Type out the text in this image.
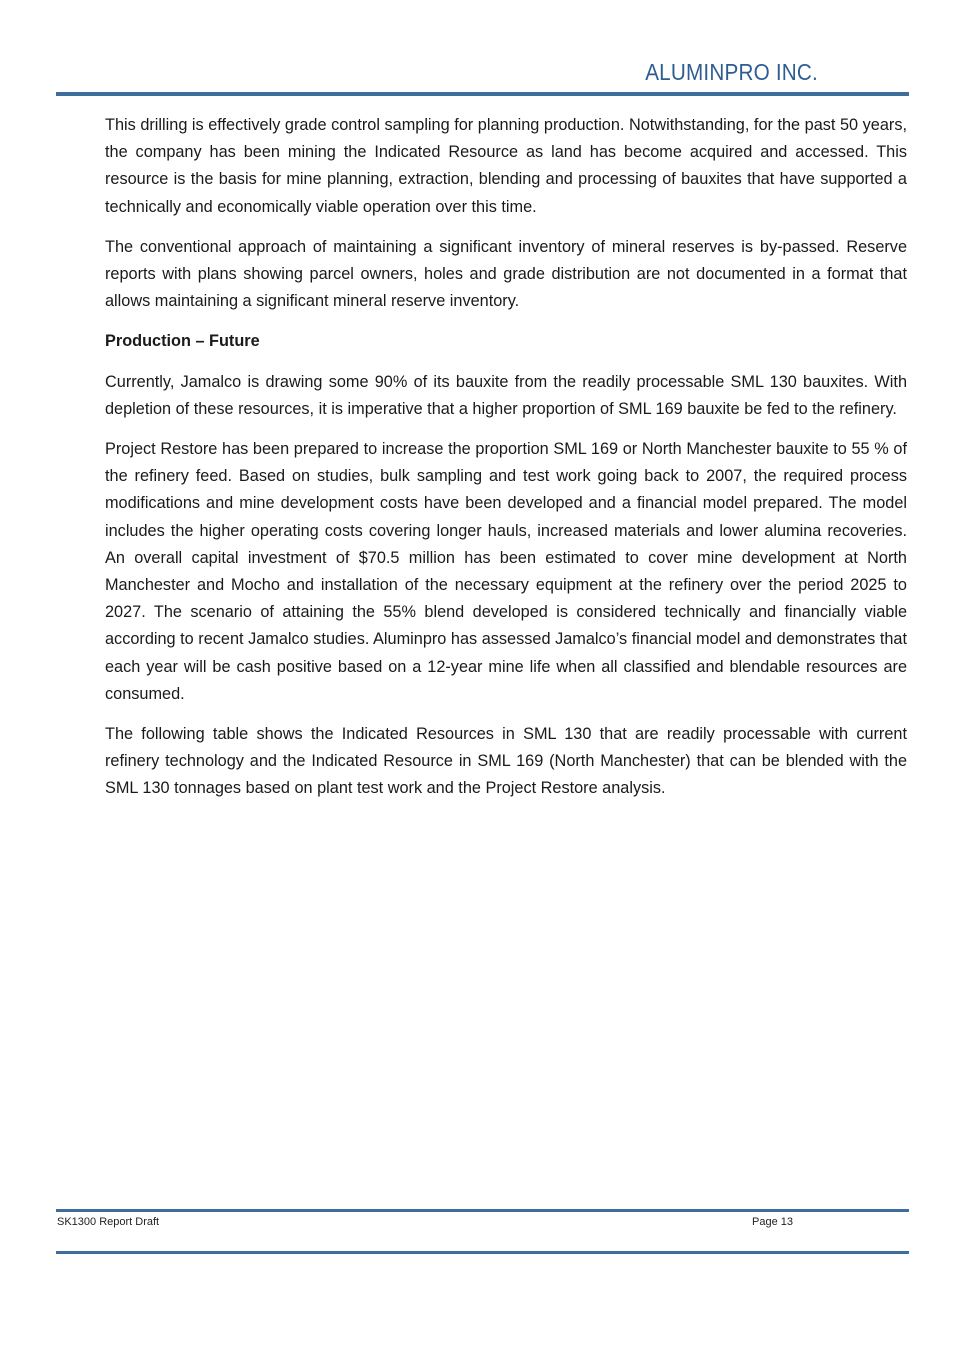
ALUMINPRO INC.

This drilling is effectively grade control sampling for planning production. Notwithstanding, for the past 50 years, the company has been mining the Indicated Resource as land has become acquired and accessed. This resource is the basis for mine planning, extraction, blending and processing of bauxites that have supported a technically and economically viable operation over this time.

The conventional approach of maintaining a significant inventory of mineral reserves is by-passed. Reserve reports with plans showing parcel owners, holes and grade distribution are not documented in a format that allows maintaining a significant mineral reserve inventory.

Production – Future

Currently, Jamalco is drawing some 90% of its bauxite from the readily processable SML 130 bauxites. With depletion of these resources, it is imperative that a higher proportion of SML 169 bauxite be fed to the refinery.

Project Restore has been prepared to increase the proportion SML 169 or North Manchester bauxite to 55 % of the refinery feed. Based on studies, bulk sampling and test work going back to 2007, the required process modifications and mine development costs have been developed and a financial model prepared. The model includes the higher operating costs covering longer hauls, increased materials and lower alumina recoveries. An overall capital investment of $70.5 million has been estimated to cover mine development at North Manchester and Mocho and installation of the necessary equipment at the refinery over the period 2025 to 2027. The scenario of attaining the 55% blend developed is considered technically and financially viable according to recent Jamalco studies. Aluminpro has assessed Jamalco’s financial model and demonstrates that each year will be cash positive based on a 12-year mine life when all classified and blendable resources are consumed.

The following table shows the Indicated Resources in SML 130 that are readily processable with current refinery technology and the Indicated Resource in SML 169 (North Manchester) that can be blended with the SML 130 tonnages based on plant test work and the Project Restore analysis.

SK1300 Report Draft	Page 13
